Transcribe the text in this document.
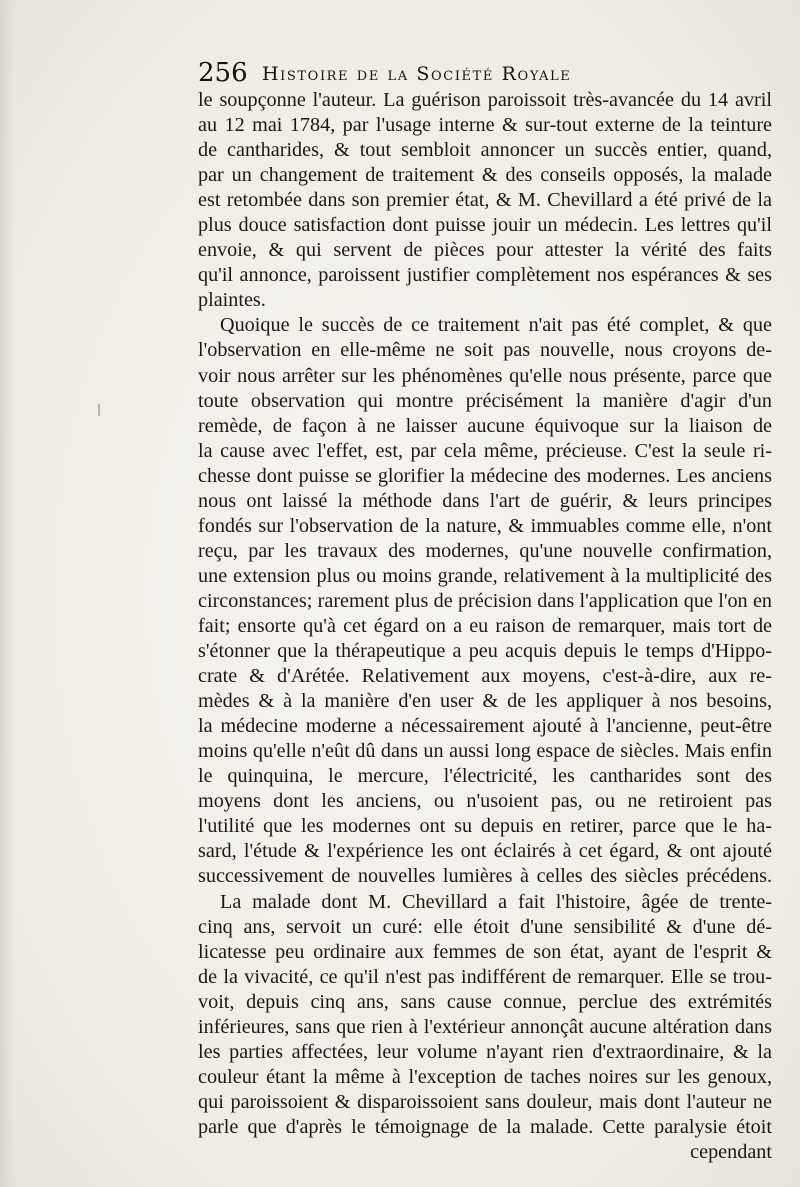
256 Histoire de la Société Royale
le soupçonne l'auteur. La guérison paroissoit très-avancée du 14 avril
au 12 mai 1784, par l'usage interne & sur-tout externe de la teinture
de cantharides, & tout sembloit annoncer un succès entier, quand,
par un changement de traitement & des conseils opposés, la malade
est retombée dans son premier état, & M. Chevillard a été privé de la
plus douce satisfaction dont puisse jouir un médecin. Les lettres qu'il
envoie, & qui servent de pièces pour attester la vérité des faits
qu'il annonce, paroissent justifier complètement nos espérances & ses
plaintes.
Quoique le succès de ce traitement n'ait pas été complet, & que
l'observation en elle-même ne soit pas nouvelle, nous croyons de-
voir nous arrêter sur les phénomènes qu'elle nous présente, parce que
toute observation qui montre précisément la manière d'agir d'un
remède, de façon à ne laisser aucune équivoque sur la liaison de
la cause avec l'effet, est, par cela même, précieuse. C'est la seule ri-
chesse dont puisse se glorifier la médecine des modernes. Les anciens
nous ont laissé la méthode dans l'art de guérir, & leurs principes
fondés sur l'observation de la nature, & immuables comme elle, n'ont
reçu, par les travaux des modernes, qu'une nouvelle confirmation,
une extension plus ou moins grande, relativement à la multiplicité des
circonstances; rarement plus de précision dans l'application que l'on en
fait; ensorte qu'à cet égard on a eu raison de remarquer, mais tort de
s'étonner que la thérapeutique a peu acquis depuis le temps d'Hippo-
crate & d'Arétée. Relativement aux moyens, c'est-à-dire, aux re-
mèdes & à la manière d'en user & de les appliquer à nos besoins,
la médecine moderne a nécessairement ajouté à l'ancienne, peut-être
moins qu'elle n'eût dû dans un aussi long espace de siècles. Mais enfin
le quinquina, le mercure, l'électricité, les cantharides sont des
moyens dont les anciens, ou n'usoient pas, ou ne retiroient pas
l'utilité que les modernes ont su depuis en retirer, parce que le ha-
sard, l'étude & l'expérience les ont éclairés à cet égard, & ont ajouté
successivement de nouvelles lumières à celles des siècles précédens.
La malade dont M. Chevillard a fait l'histoire, âgée de trente-
cinq ans, servoit un curé: elle étoit d'une sensibilité & d'une dé-
licatesse peu ordinaire aux femmes de son état, ayant de l'esprit &
de la vivacité, ce qu'il n'est pas indifférent de remarquer. Elle se trou-
voit, depuis cinq ans, sans cause connue, perclue des extrémités
inférieures, sans que rien à l'extérieur annonçât aucune altération dans
les parties affectées, leur volume n'ayant rien d'extraordinaire, & la
couleur étant la même à l'exception de taches noires sur les genoux,
qui paroissoient & disparoissoient sans douleur, mais dont l'auteur ne
parle que d'après le témoignage de la malade. Cette paralysie étoit
cependant
